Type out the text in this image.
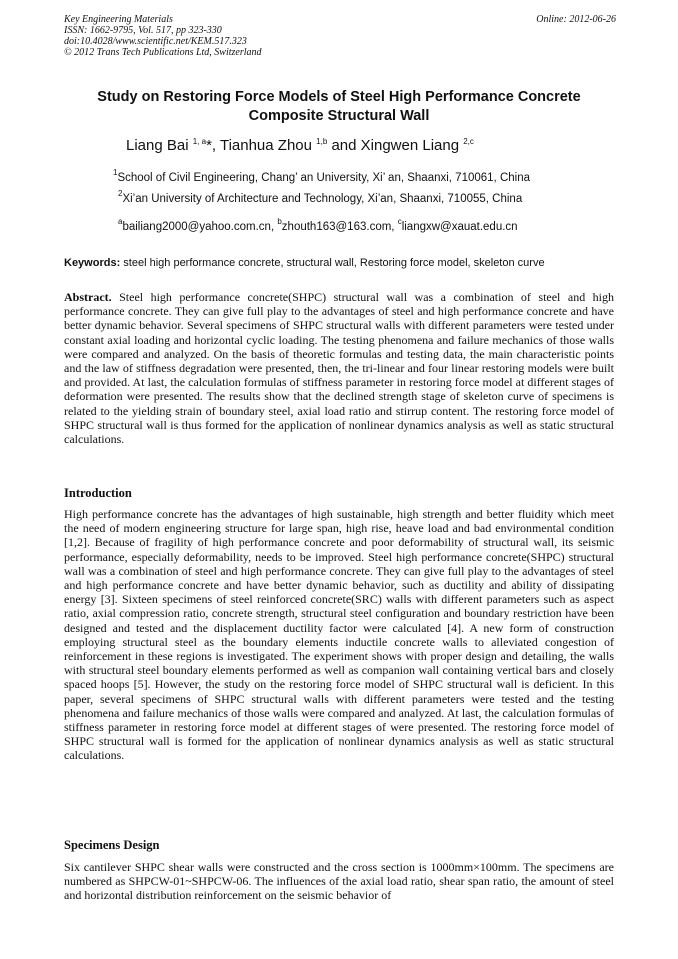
Key Engineering Materials
ISSN: 1662-9795, Vol. 517, pp 323-330
doi:10.4028/www.scientific.net/KEM.517.323
© 2012 Trans Tech Publications Ltd, Switzerland
Online: 2012-06-26
Study on Restoring Force Models of Steel High Performance Concrete
Composite Structural Wall
Liang Bai $^{1, a}$*, Tianhua Zhou $^{1,b}$ and Xingwen Liang $^{2,c}$
$^1$School of Civil Engineering, Chang’ an University, Xi’ an, Shaanxi, 710061, China
$^2$Xi’an University of Architecture and Technology, Xi’an, Shaanxi, 710055, China
$^a$bailiang2000@yahoo.com.cn, $^b$zhouth163@163.com, $^c$liangxw@xauat.edu.cn
Keywords: steel high performance concrete, structural wall, Restoring force model, skeleton curve
Abstract. Steel high performance concrete(SHPC) structural wall was a combination of steel and high performance concrete. They can give full play to the advantages of steel and high performance concrete and have better dynamic behavior. Several specimens of SHPC structural walls with different parameters were tested under constant axial loading and horizontal cyclic loading. The testing phenomena and failure mechanics of those walls were compared and analyzed. On the basis of theoretic formulas and testing data, the main characteristic points and the law of stiffness degradation were presented, then, the tri-linear and four linear restoring models were built and provided. At last, the calculation formulas of stiffness parameter in restoring force model at different stages of deformation were presented. The results show that the declined strength stage of skeleton curve of specimens is related to the yielding strain of boundary steel, axial load ratio and stirrup content. The restoring force model of SHPC structural wall is thus formed for the application of nonlinear dynamics analysis as well as static structural calculations.
Introduction
High performance concrete has the advantages of high sustainable, high strength and better fluidity which meet the need of modern engineering structure for large span, high rise, heave load and bad environmental condition [1,2]. Because of fragility of high performance concrete and poor deformability of structural wall, its seismic performance, especially deformability, needs to be improved. Steel high performance concrete(SHPC) structural wall was a combination of steel and high performance concrete. They can give full play to the advantages of steel and high performance concrete and have better dynamic behavior, such as ductility and ability of dissipating energy [3]. Sixteen specimens of steel reinforced concrete(SRC) walls with different parameters such as aspect ratio, axial compression ratio, concrete strength, structural steel configuration and boundary restriction have been designed and tested and the displacement ductility factor were calculated [4]. A new form of construction employing structural steel as the boundary elements inductile concrete walls to alleviated congestion of reinforcement in these regions is investigated. The experiment shows with proper design and detailing, the walls with structural steel boundary elements performed as well as companion wall containing vertical bars and closely spaced hoops [5]. However, the study on the restoring force model of SHPC structural wall is deficient. In this paper, several specimens of SHPC structural walls with different parameters were tested and the testing phenomena and failure mechanics of those walls were compared and analyzed. At last, the calculation formulas of stiffness parameter in restoring force model at different stages of were presented. The restoring force model of SHPC structural wall is formed for the application of nonlinear dynamics analysis as well as static structural calculations.
Specimens Design
Six cantilever SHPC shear walls were constructed and the cross section is 1000mm×100mm. The specimens are numbered as SHPCW-01~SHPCW-06. The influences of the axial load ratio, shear span ratio, the amount of steel and horizontal distribution reinforcement on the seismic behavior of
